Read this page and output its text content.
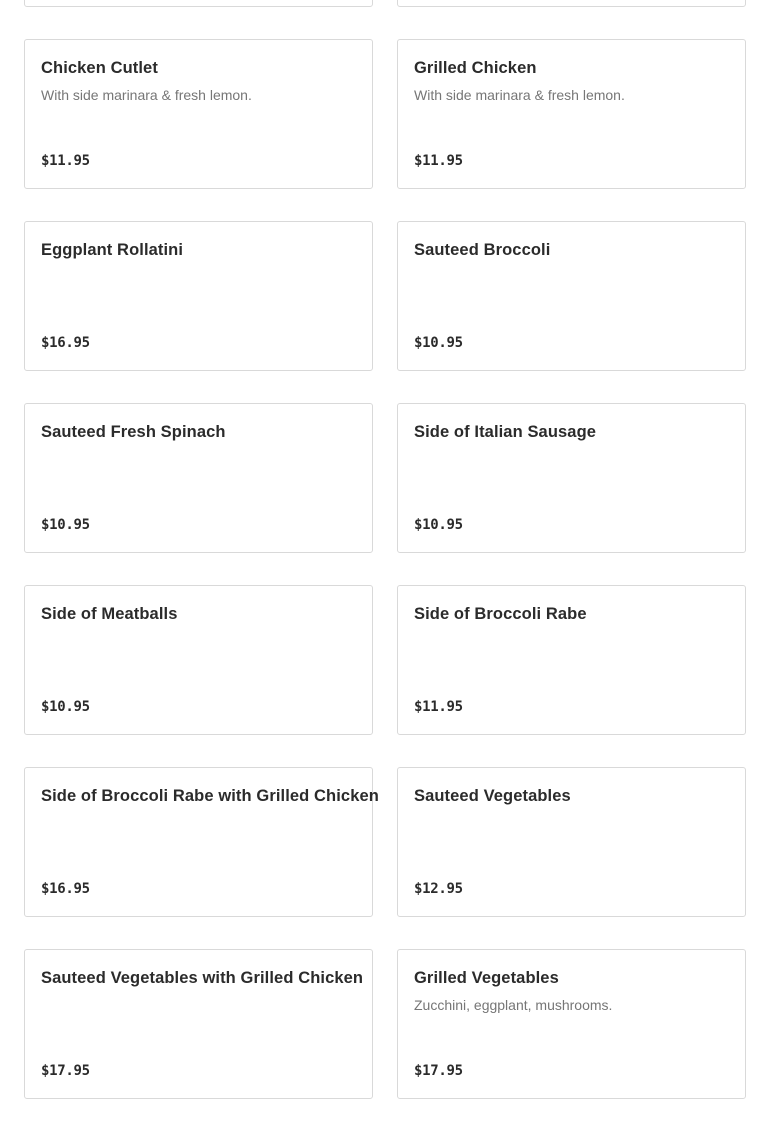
Chicken Cutlet
With side marinara & fresh lemon.
$11.95
Grilled Chicken
With side marinara & fresh lemon.
$11.95
Eggplant Rollatini
$16.95
Sauteed Broccoli
$10.95
Sauteed Fresh Spinach
$10.95
Side of Italian Sausage
$10.95
Side of Meatballs
$10.95
Side of Broccoli Rabe
$11.95
Side of Broccoli Rabe with Grilled Chicken
$16.95
Sauteed Vegetables
$12.95
Sauteed Vegetables with Grilled Chicken
$17.95
Grilled Vegetables
Zucchini, eggplant, mushrooms.
$17.95
